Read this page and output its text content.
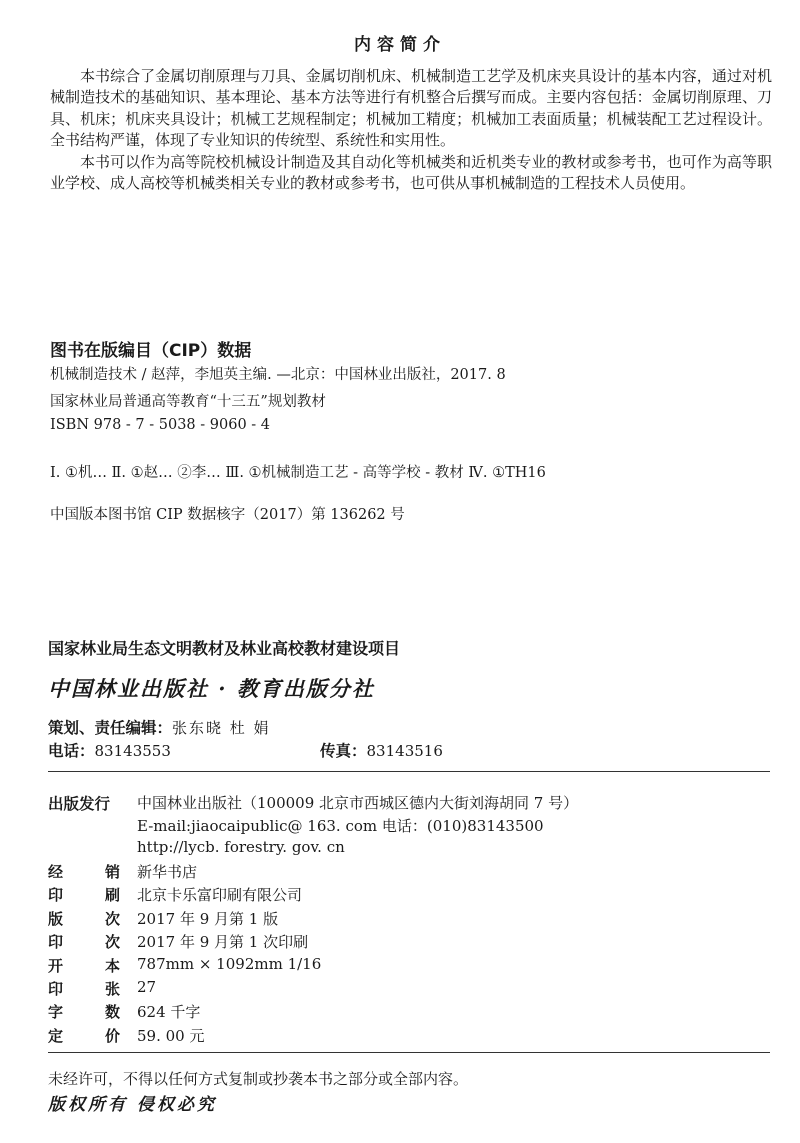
内容简介

本书综合了金属切削原理与刀具、金属切削机床、机械制造工艺学及机床夹具设计的基本内容，通过对机械制造技术的基础知识、基本理论、基本方法等进行有机整合后撰写而成。主要内容包括：金属切削原理、刀具、机床；机床夹具设计；机械工艺规程制定；机械加工精度；机械加工表面质量；机械装配工艺过程设计。全书结构严谨，体现了专业知识的传统型、系统性和实用性。

本书可以作为高等院校机械设计制造及其自动化等机械类和近机类专业的教材或参考书，也可作为高等职业学校、成人高校等机械类相关专业的教材或参考书，也可供从事机械制造的工程技术人员使用。

图书在版编目（CIP）数据
机械制造技术 / 赵萍，李旭英主编. —北京：中国林业出版社，2017. 8
国家林业局普通高等教育“十三五”规划教材
ISBN 978 - 7 - 5038 - 9060 - 4
Ⅰ. ①机… Ⅱ. ①赵… ②李… Ⅲ. ①机械制造工艺 - 高等学校 - 教材 Ⅳ. ①TH16
中国版本图书馆 CIP 数据核字（2017）第 136262 号
国家林业局生态文明教材及林业高校教材建设项目
中国林业出版社 · 教育出版分社
策划、责任编辑：张东晓 杜 娟
电话：83143553	传真：83143516
出版发行 中国林业出版社（100009 北京市西城区德内大街刘海胡同 7 号）
E-mail:jiaocaipublic@ 163. com 电话：(010)83143500
http://lycb. forestry. gov. cn
经	销 新华书店
印	刷 北京卡乐富印刷有限公司
版	次 2017 年 9 月第 1 版
印	次 2017 年 9 月第 1 次印刷
开	本 787mm × 1092mm 1/16
印	张 27
字	数 624 千字
定	价 59. 00 元
未经许可，不得以任何方式复制或抄袭本书之部分或全部内容。
版权所有 侵权必究
